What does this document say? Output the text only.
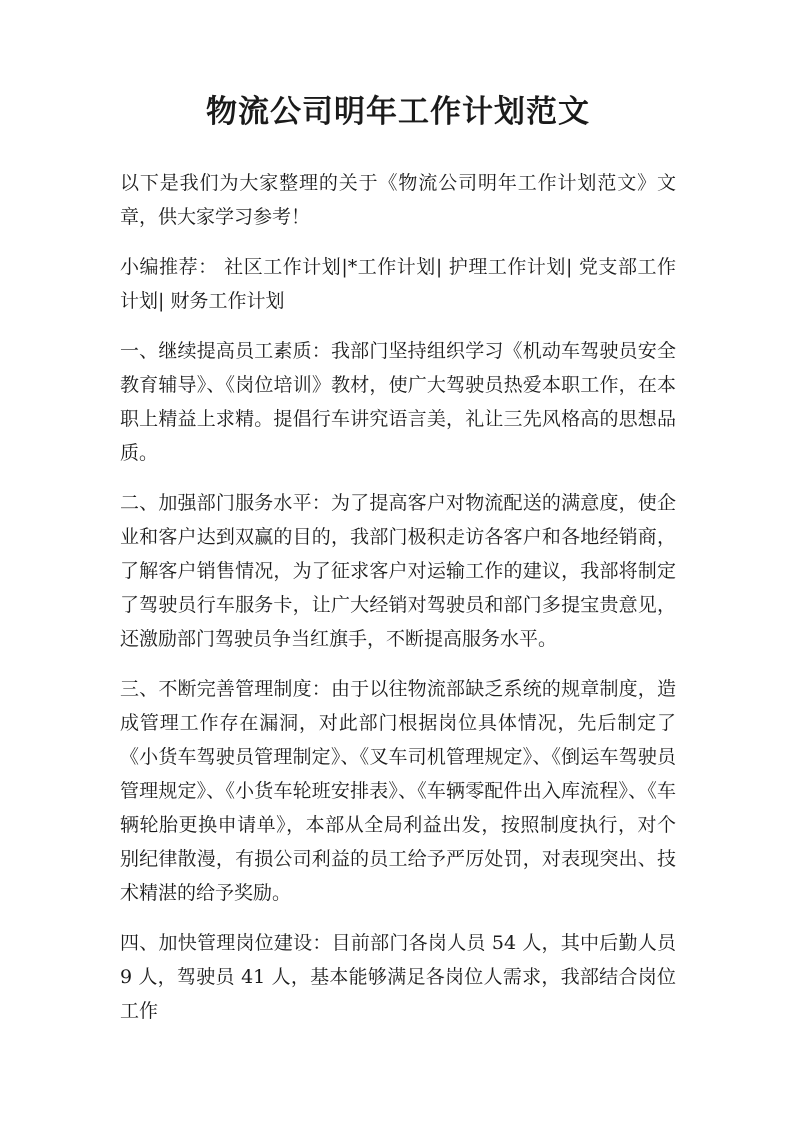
物流公司明年工作计划范文

以下是我们为大家整理的关于《物流公司明年工作计划范文》文章，供大家学习参考！

小编推荐： 社区工作计划|*工作计划| 护理工作计划| 党支部工作计划| 财务工作计划

一、继续提高员工素质：我部门坚持组织学习《机动车驾驶员安全教育辅导》、《岗位培训》教材，使广大驾驶员热爱本职工作，在本职上精益上求精。提倡行车讲究语言美，礼让三先风格高的思想品质。

二、加强部门服务水平：为了提高客户对物流配送的满意度，使企业和客户达到双赢的目的，我部门极积走访各客户和各地经销商，了解客户销售情况，为了征求客户对运输工作的建议，我部将制定了驾驶员行车服务卡，让广大经销对驾驶员和部门多提宝贵意见，还激励部门驾驶员争当红旗手，不断提高服务水平。

三、不断完善管理制度：由于以往物流部缺乏系统的规章制度，造成管理工作存在漏洞，对此部门根据岗位具体情况，先后制定了《小货车驾驶员管理制定》、《叉车司机管理规定》、《倒运车驾驶员管理规定》、《小货车轮班安排表》、《车辆零配件出入库流程》、《车辆轮胎更换申请单》，本部从全局利益出发，按照制度执行，对个别纪律散漫，有损公司利益的员工给予严厉处罚，对表现突出、技术精湛的给予奖励。

四、加快管理岗位建设：目前部门各岗人员 54 人，其中后勤人员 9 人，驾驶员 41 人，基本能够满足各岗位人需求，我部结合岗位工作
